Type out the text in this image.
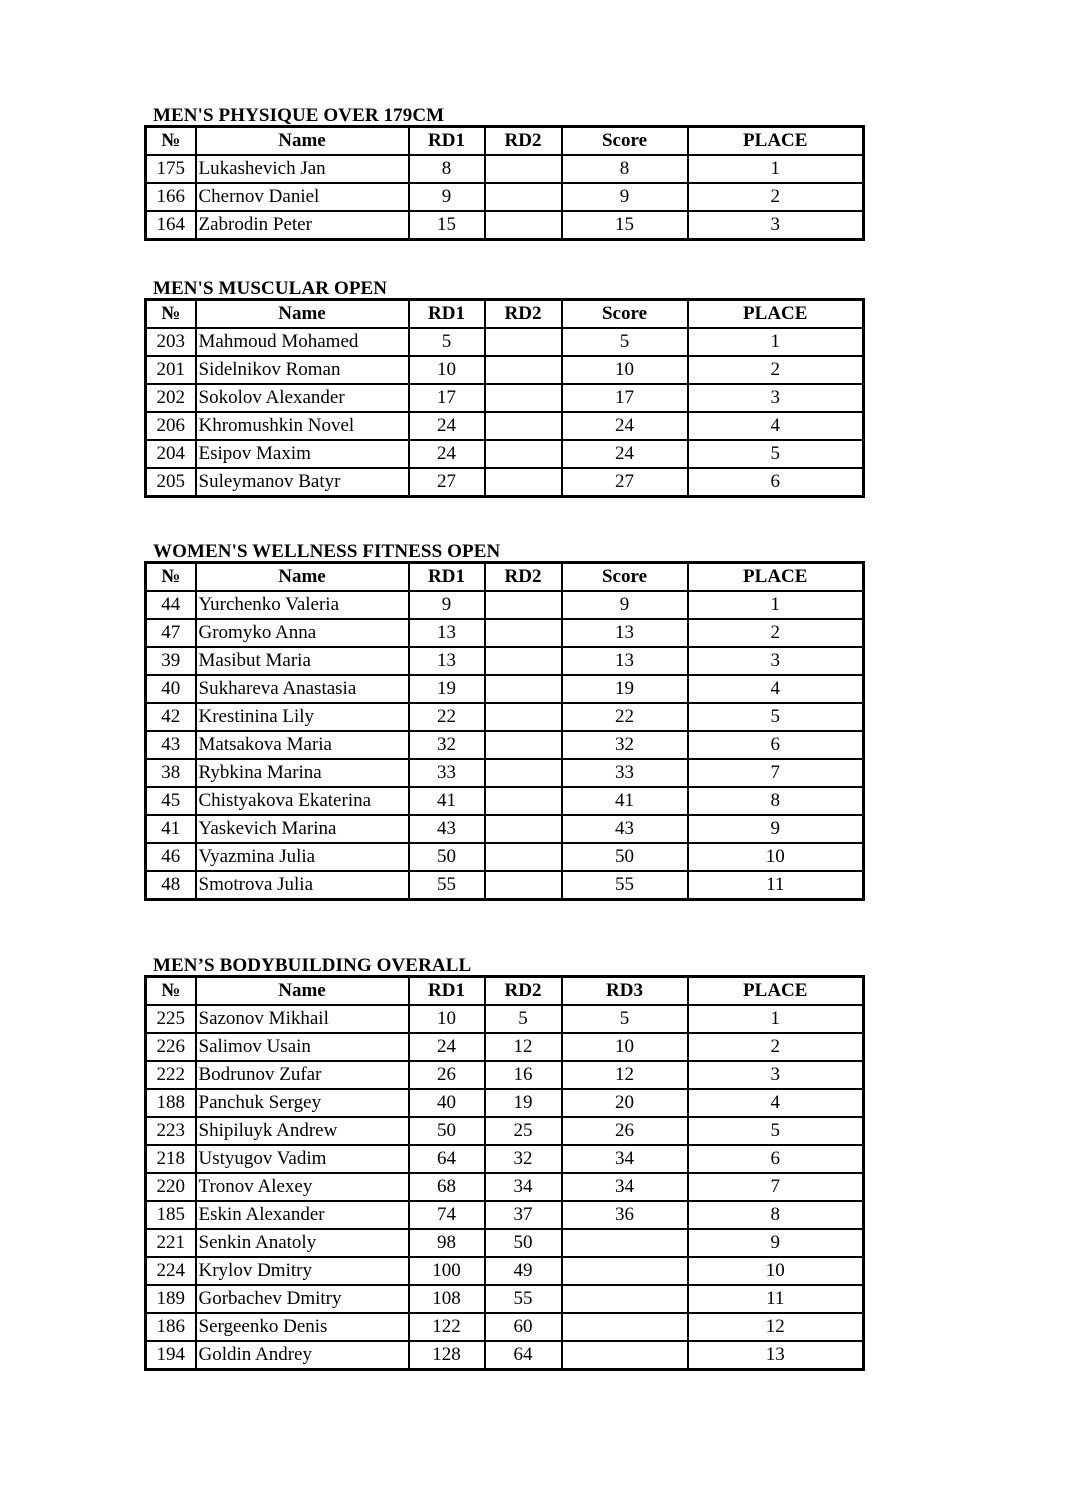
MEN'S PHYSIQUE OVER 179CM
№	Name	RD1	RD2	Score	PLACE
175	Lukashevich Jan	8		8	1
166	Chernov Daniel	9		9	2
164	Zabrodin Peter	15		15	3
MEN'S MUSCULAR OPEN
№	Name	RD1	RD2	Score	PLACE
203	Mahmoud Mohamed	5		5	1
201	Sidelnikov Roman	10		10	2
202	Sokolov Alexander	17		17	3
206	Khromushkin Novel	24		24	4
204	Esipov Maxim	24		24	5
205	Suleymanov Batyr	27		27	6
WOMEN'S WELLNESS FITNESS OPEN
№	Name	RD1	RD2	Score	PLACE
44	Yurchenko Valeria	9		9	1
47	Gromyko Anna	13		13	2
39	Masibut Maria	13		13	3
40	Sukhareva Anastasia	19		19	4
42	Krestinina Lily	22		22	5
43	Matsakova Maria	32		32	6
38	Rybkina Marina	33		33	7
45	Chistyakova Ekaterina	41		41	8
41	Yaskevich Marina	43		43	9
46	Vyazmina Julia	50		50	10
48	Smotrova Julia	55		55	11
MEN’S BODYBUILDING OVERALL
№	Name	RD1	RD2	RD3	PLACE
225	Sazonov Mikhail	10	5	5	1
226	Salimov Usain	24	12	10	2
222	Bodrunov Zufar	26	16	12	3
188	Panchuk Sergey	40	19	20	4
223	Shipiluyk Andrew	50	25	26	5
218	Ustyugov Vadim	64	32	34	6
220	Tronov Alexey	68	34	34	7
185	Eskin Alexander	74	37	36	8
221	Senkin Anatoly	98	50		9
224	Krylov Dmitry	100	49		10
189	Gorbachev Dmitry	108	55		11
186	Sergeenko Denis	122	60		12
194	Goldin Andrey	128	64		13
